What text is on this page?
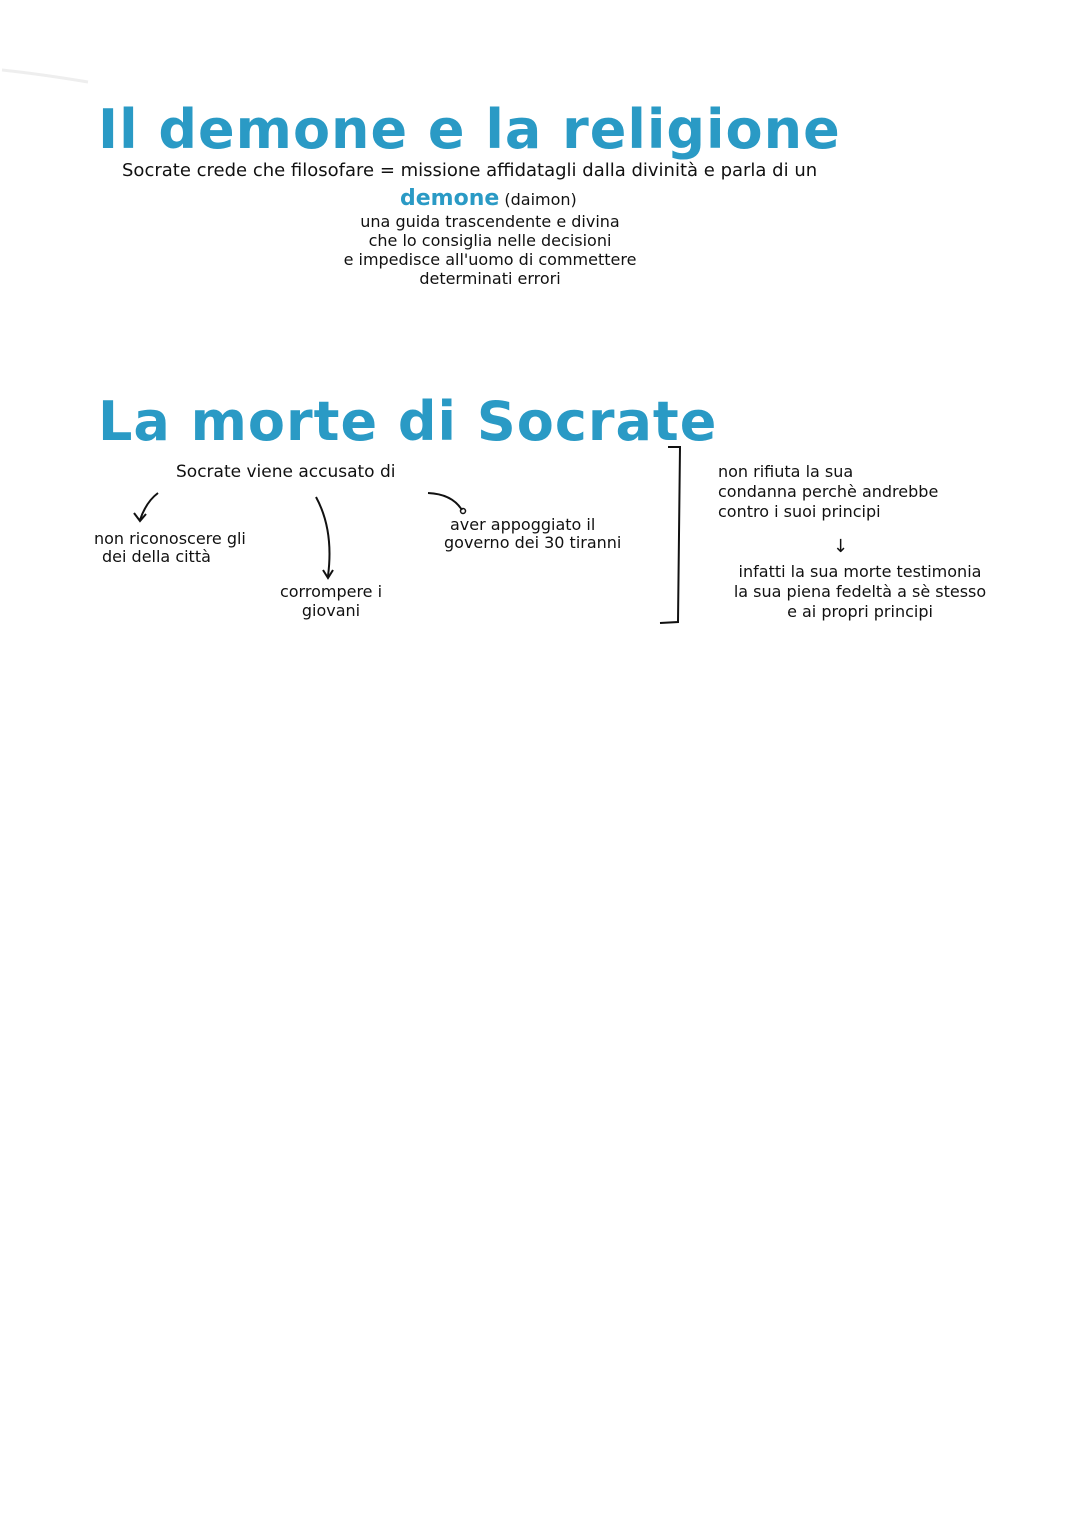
Il demone e la religione
Socrate crede che filosofare = missione affidatagli dalla divinità e parla di un
demone (daimon)
una guida trascendente e divina
che lo consiglia nelle decisioni
e impedisce all'uomo di commettere
determinati errori
La morte di Socrate
Socrate viene accusato di
non riconoscere gli
dei della città
corrompere i
giovani
aver appoggiato il
governo dei 30 tiranni
non rifiuta la sua
condanna perchè andrebbe
contro i suoi principi
↓
infatti la sua morte testimonia
la sua piena fedeltà a sè stesso
e ai propri principi
